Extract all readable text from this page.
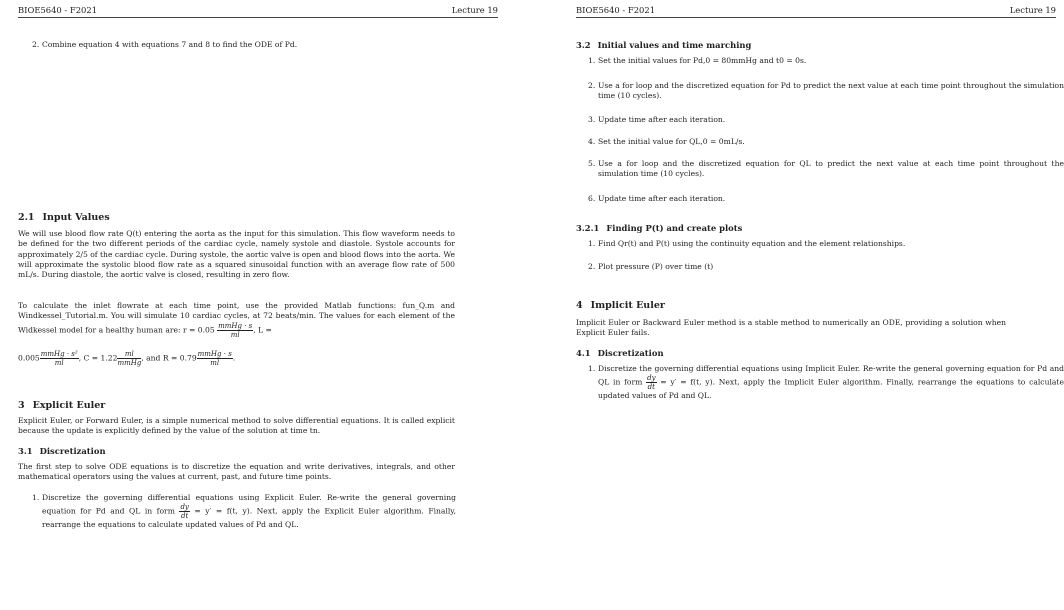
BIOE5640 - F2021	Lecture 19
2. Combine equation 4 with equations 7 and 8 to find the ODE of Pd.
2.1 Input Values

We will use blood flow rate Q(t) entering the aorta as the input for this simulation. This flow waveform needs to be defined for the two different periods of the cardiac cycle, namely systole and diastole. Systole accounts for approximately 2/5 of the cardiac cycle. During systole, the aortic valve is open and blood flows into the aorta. We will approximate the systolic blood flow rate as a squared sinusoidal function with an average flow rate of 500 mL/s. During diastole, the aortic valve is closed, resulting in zero flow.

To calculate the inlet flowrate at each time point, use the provided Matlab functions: fun_Q.m and Windkessel_Tutorial.m. You will simulate 10 cardiac cycles, at 72 beats/min. The values for each element of the Widkessel model for a healthy human are: $r = 0.05 \frac{\text{mmHg · s}}{ml}$ , L =

$0.005 \frac{\text{mmHg · s²}}{ml}$ , $C = 1.22 \frac{ml}{\text{mmHg}}$ , and $R = 0.79 \frac{\text{mmHg · s}}{ml}$ .
3 Explicit Euler

Explicit Euler, or Forward Euler, is a simple numerical method to solve differential equations. It is called explicit because the update is explicitly defined by the value of the solution at time tn.

3.1 Discretization

The first step to solve ODE equations is to discretize the equation and write derivatives, integrals, and other mathematical operators using the values at current, past, and future time points.

1. Discretize the governing differential equations using Explicit Euler. Re-write the general governing equation for Pd and QL in form $\frac{dy}{dt} = y' = f(t$, y). Next, apply the Explicit Euler algorithm. Finally, rearrange the equations to calculate updated values of Pd and QL.
BIOE5640 - F2021	Lecture 19
3.2 Initial values and time marching
1. Set the initial values for Pd,0 = 80mmHg and t0 = 0s.
2. Use a for loop and the discretized equation for Pd to predict the next value at each time point throughout the simulation time (10 cycles).
3. Update time after each iteration.
4. Set the initial value for QL,0 = 0mL/s.
5. Use a for loop and the discretized equation for QL to predict the next value at each time point throughout the simulation time (10 cycles).
6. Update time after each iteration.
3.2.1 Finding P(t) and create plots
1. Find Qr(t) and P(t) using the continuity equation and the element relationships.
2. Plot pressure (P) over time (t)
4 Implicit Euler

Implicit Euler or Backward Euler method is a stable method to numerically an ODE, providing a solution when Explicit Euler fails.

4.1 Discretization
1. Discretize the governing differential equations using Implicit Euler. Re-write the general governing equation for Pd and QL in form $\frac{dy}{dt} = y' = f(t$, y). Next, apply the Implicit Euler algorithm. Finally, rearrange the equations to calculate updated values of Pd and QL.
